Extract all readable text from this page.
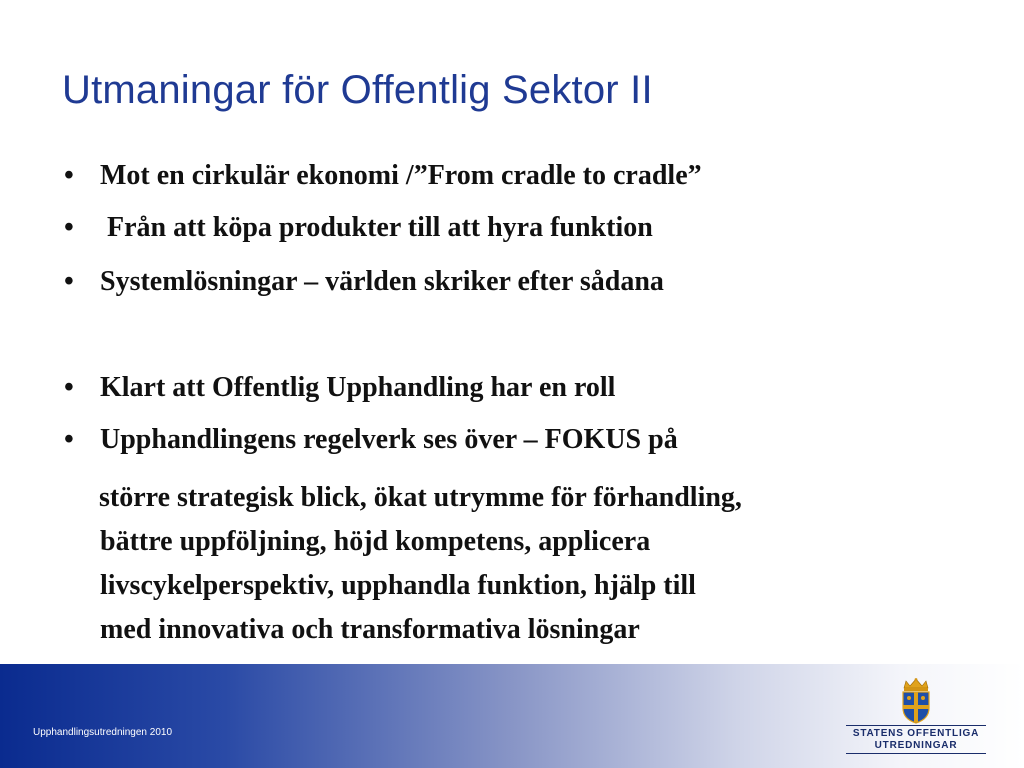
Utmaningar för Offentlig Sektor II
• Mot en cirkulär ekonomi /”From cradle to cradle”
• Från att köpa produkter till att hyra funktion
• Systemlösningar – världen skriker efter sådana
• Klart att Offentlig Upphandling har en roll
• Upphandlingens regelverk ses över – FOKUS på
större strategisk blick, ökat utrymme för förhandling,
bättre uppföljning, höjd kompetens, applicera
livscykelperspektiv, upphandla funktion, hjälp till
med innovativa och transformativa lösningar
Upphandlingsutredningen 2010	STATENS OFFENTLIGA
UTREDNINGAR
